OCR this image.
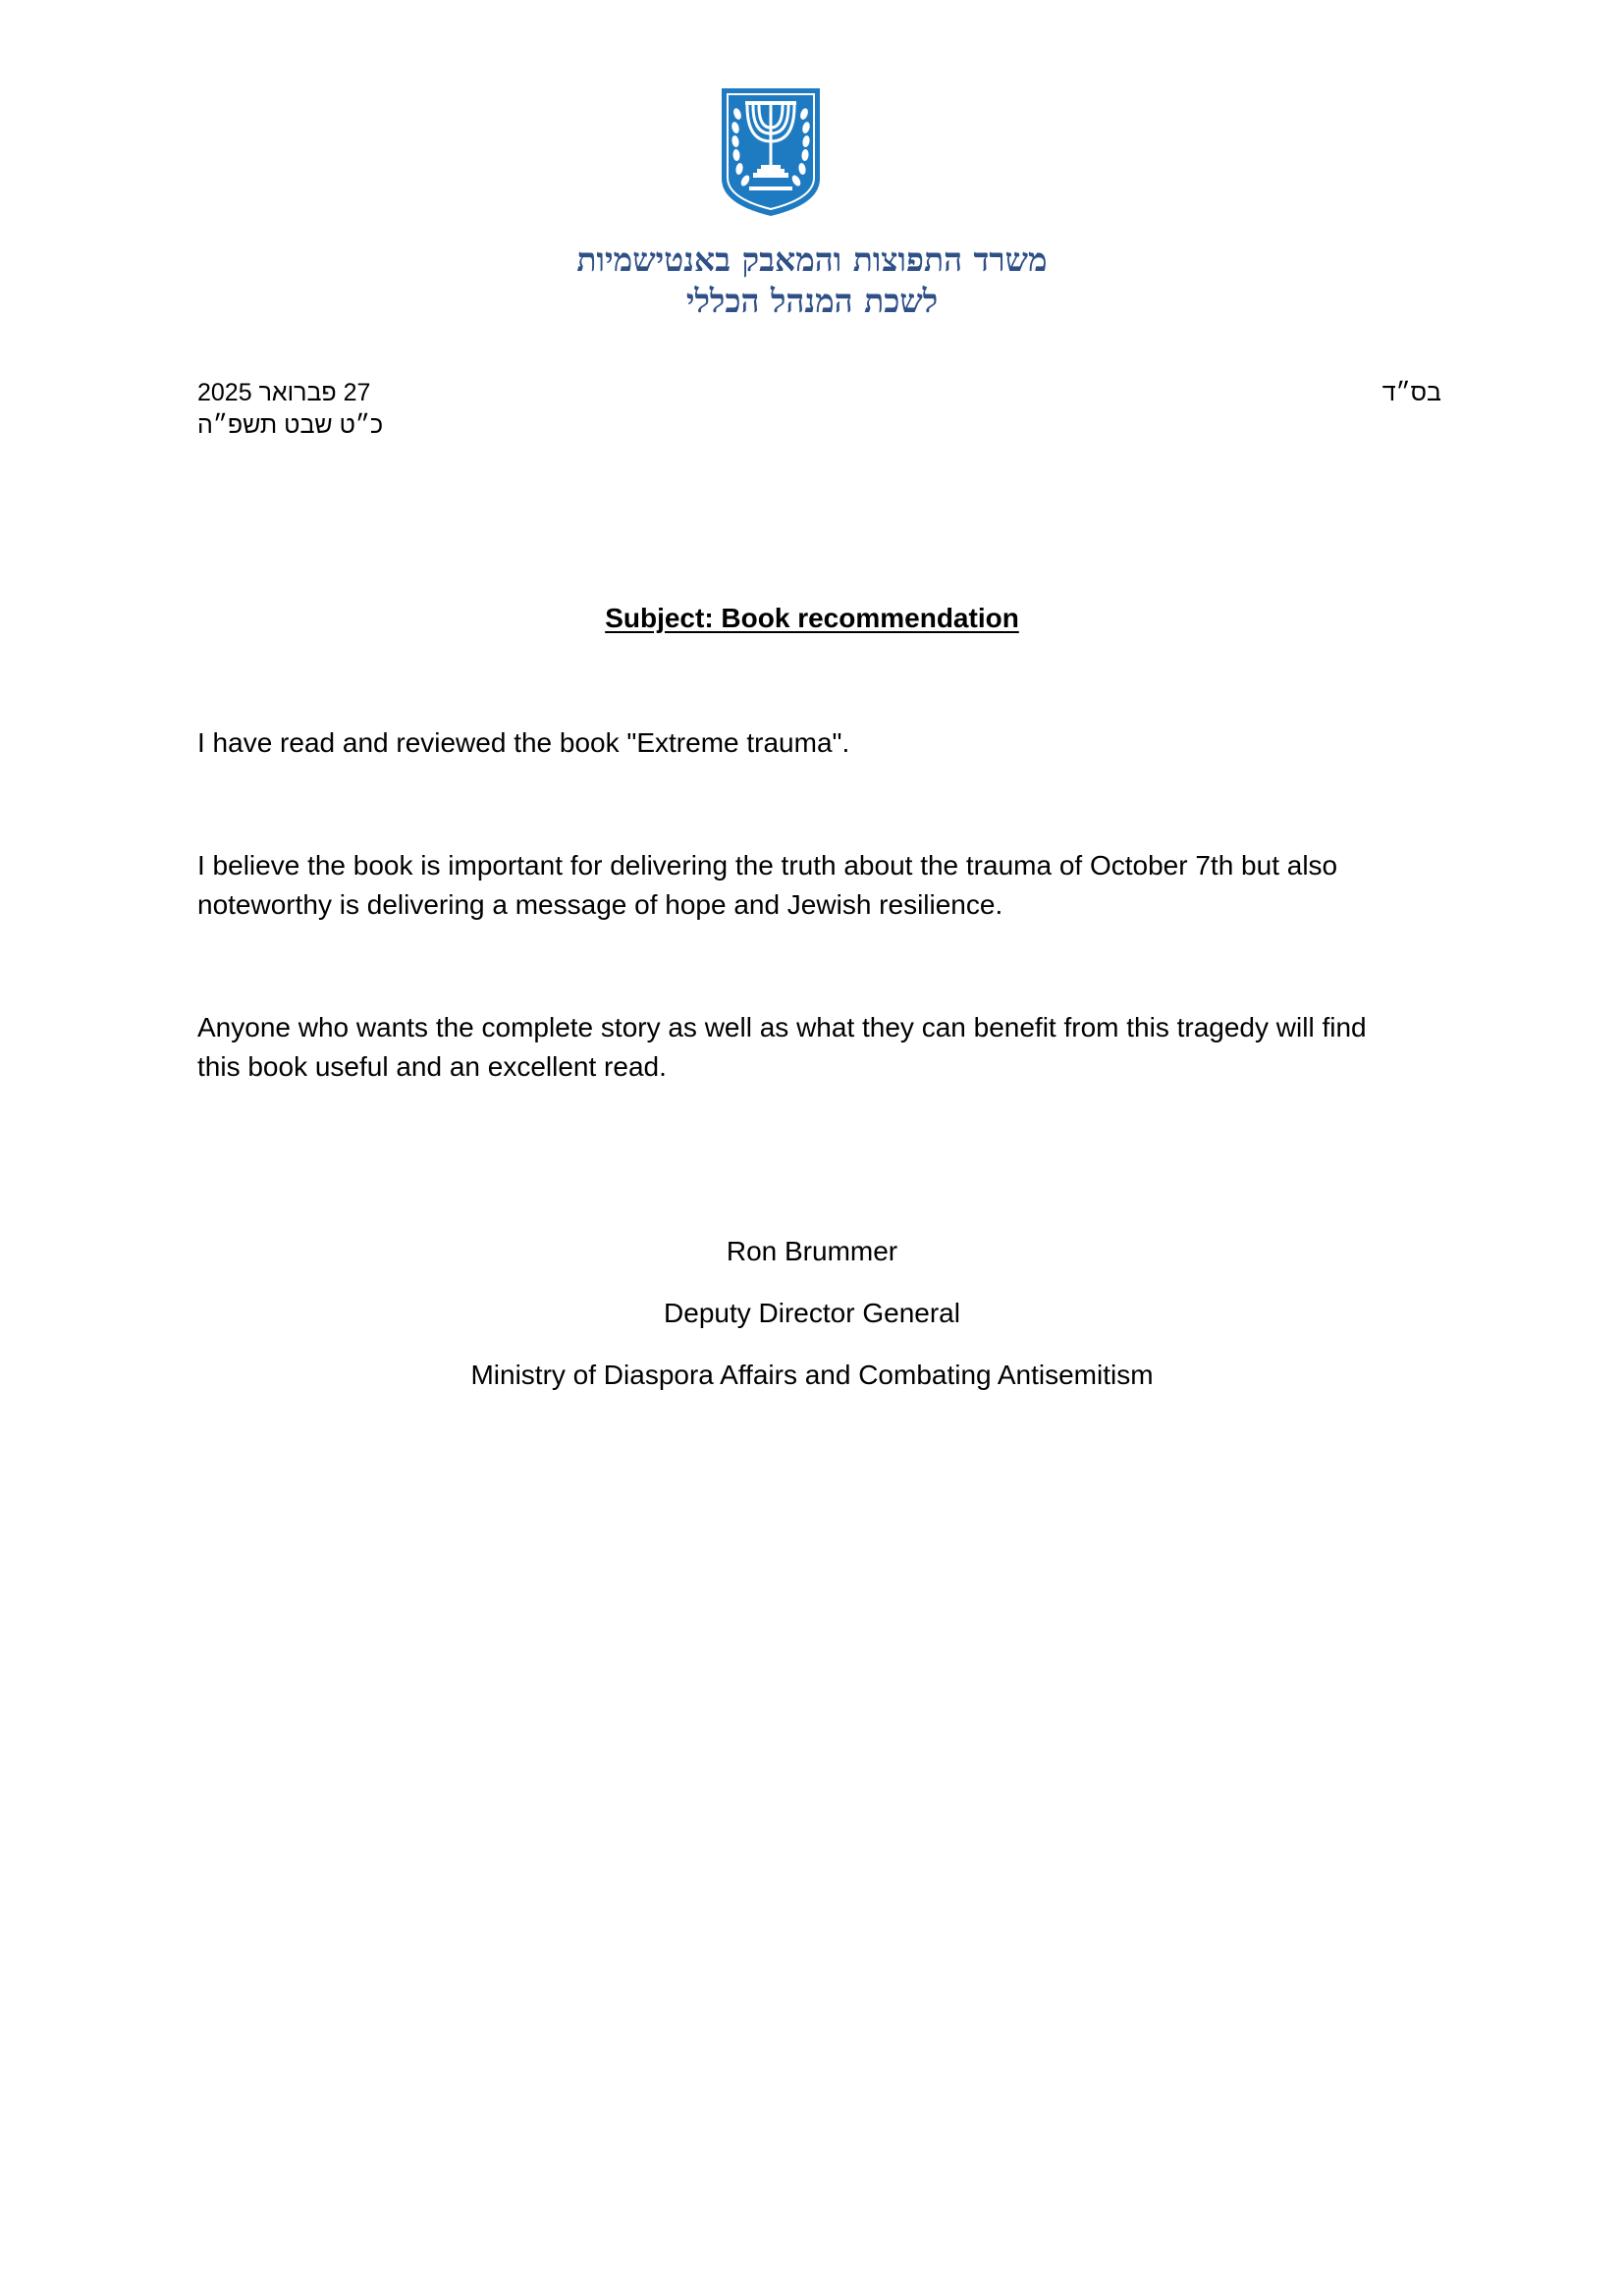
משרד התפוצות והמאבק באנטישמיות
לשכת המנהל הכללי
27 פברואר 2025
כ״ט שבט תשפ״ה
בס״ד
Subject: Book recommendation
I have read and reviewed the book "Extreme trauma".
I believe the book is important for delivering the truth about the trauma of October 7th but also
noteworthy is delivering a message of hope and Jewish resilience.
Anyone who wants the complete story as well as what they can benefit from this tragedy will find
this book useful and an excellent read.
Ron Brummer
Deputy Director General
Ministry of Diaspora Affairs and Combating Antisemitism
